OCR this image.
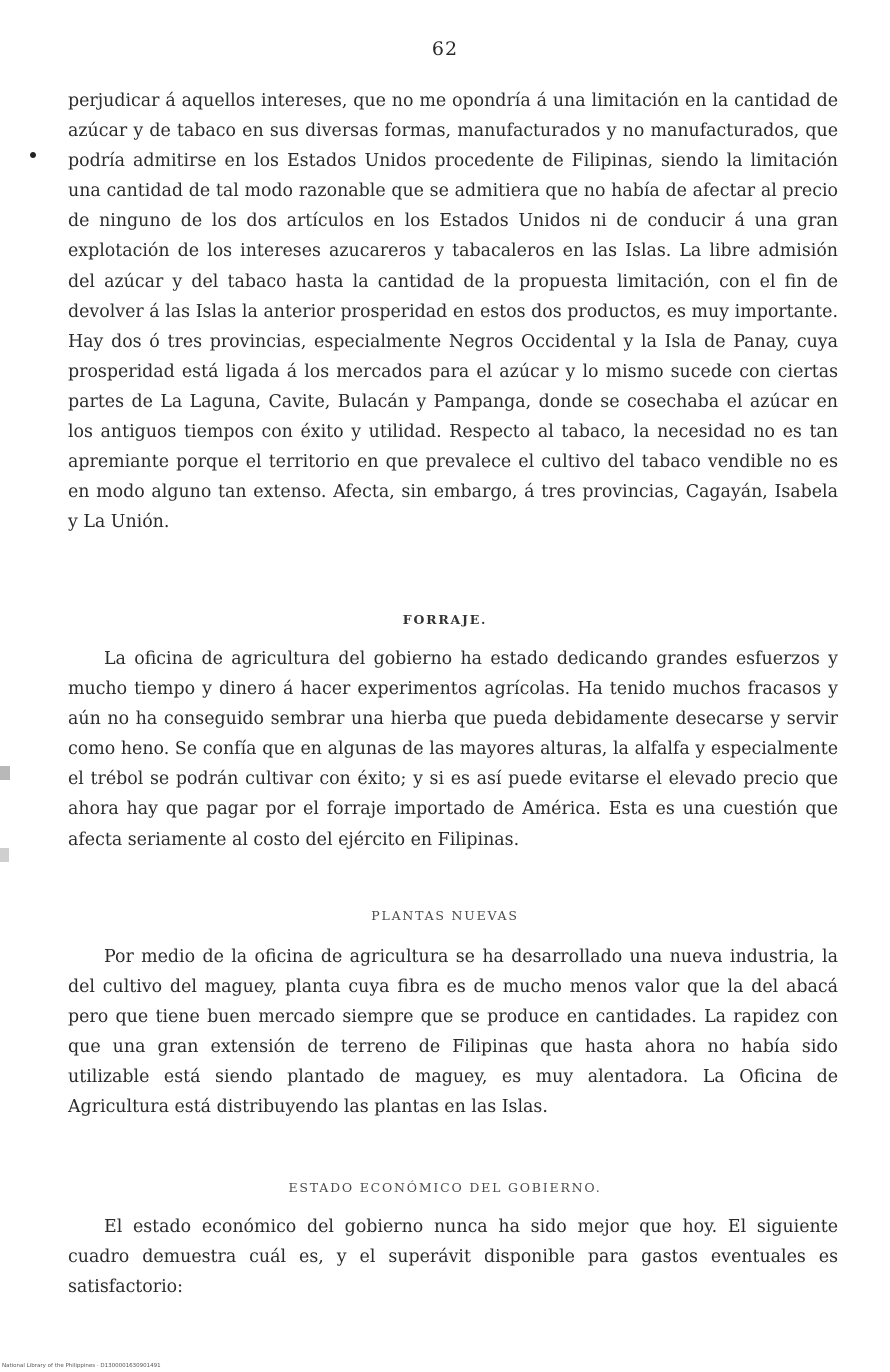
62

perjudicar á aquellos intereses, que no me opondría á una limitación en la cantidad de azúcar y de tabaco en sus diversas formas, manufacturados y no manufacturados, que podría admitirse en los Estados Unidos procedente de Filipinas, siendo la limitación una cantidad de tal modo razonable que se admitiera que no había de afectar al precio de ninguno de los dos artículos en los Estados Unidos ni de conducir á una gran explotación de los intereses azucareros y tabacaleros en las Islas. La libre admisión del azúcar y del tabaco hasta la cantidad de la propuesta limitación, con el fin de devolver á las Islas la anterior prosperidad en estos dos productos, es muy importante. Hay dos ó tres provincias, especialmente Negros Occidental y la Isla de Panay, cuya prosperidad está ligada á los mercados para el azúcar y lo mismo sucede con ciertas partes de La Laguna, Cavite, Bulacán y Pampanga, donde se cosechaba el azúcar en los antiguos tiempos con éxito y utilidad. Respecto al tabaco, la necesidad no es tan apremiante porque el territorio en que prevalece el cultivo del tabaco vendible no es en modo alguno tan extenso. Afecta, sin embargo, á tres provincias, Cagayán, Isabela y La Unión.

FORRAJE.

La oficina de agricultura del gobierno ha estado dedicando grandes esfuerzos y mucho tiempo y dinero á hacer experimentos agrícolas. Ha tenido muchos fracasos y aún no ha conseguido sembrar una hierba que pueda debidamente desecarse y servir como heno. Se confía que en algunas de las mayores alturas, la alfalfa y especialmente el trébol se podrán cultivar con éxito; y si es así puede evitarse el elevado precio que ahora hay que pagar por el forraje importado de América. Esta es una cuestión que afecta seriamente al costo del ejército en Filipinas.

PLANTAS NUEVAS

Por medio de la oficina de agricultura se ha desarrollado una nueva industria, la del cultivo del maguey, planta cuya fibra es de mucho menos valor que la del abacá pero que tiene buen mercado siempre que se produce en cantidades. La rapidez con que una gran extensión de terreno de Filipinas que hasta ahora no había sido utilizable está siendo plantado de maguey, es muy alentadora. La Oficina de Agricultura está distribuyendo las plantas en las Islas.

ESTADO ECONÓMICO DEL GOBIERNO.

El estado económico del gobierno nunca ha sido mejor que hoy. El siguiente cuadro demuestra cuál es, y el superávit disponible para gastos eventuales es satisfactorio:

National Library of the Philippines · D1300001630901491
